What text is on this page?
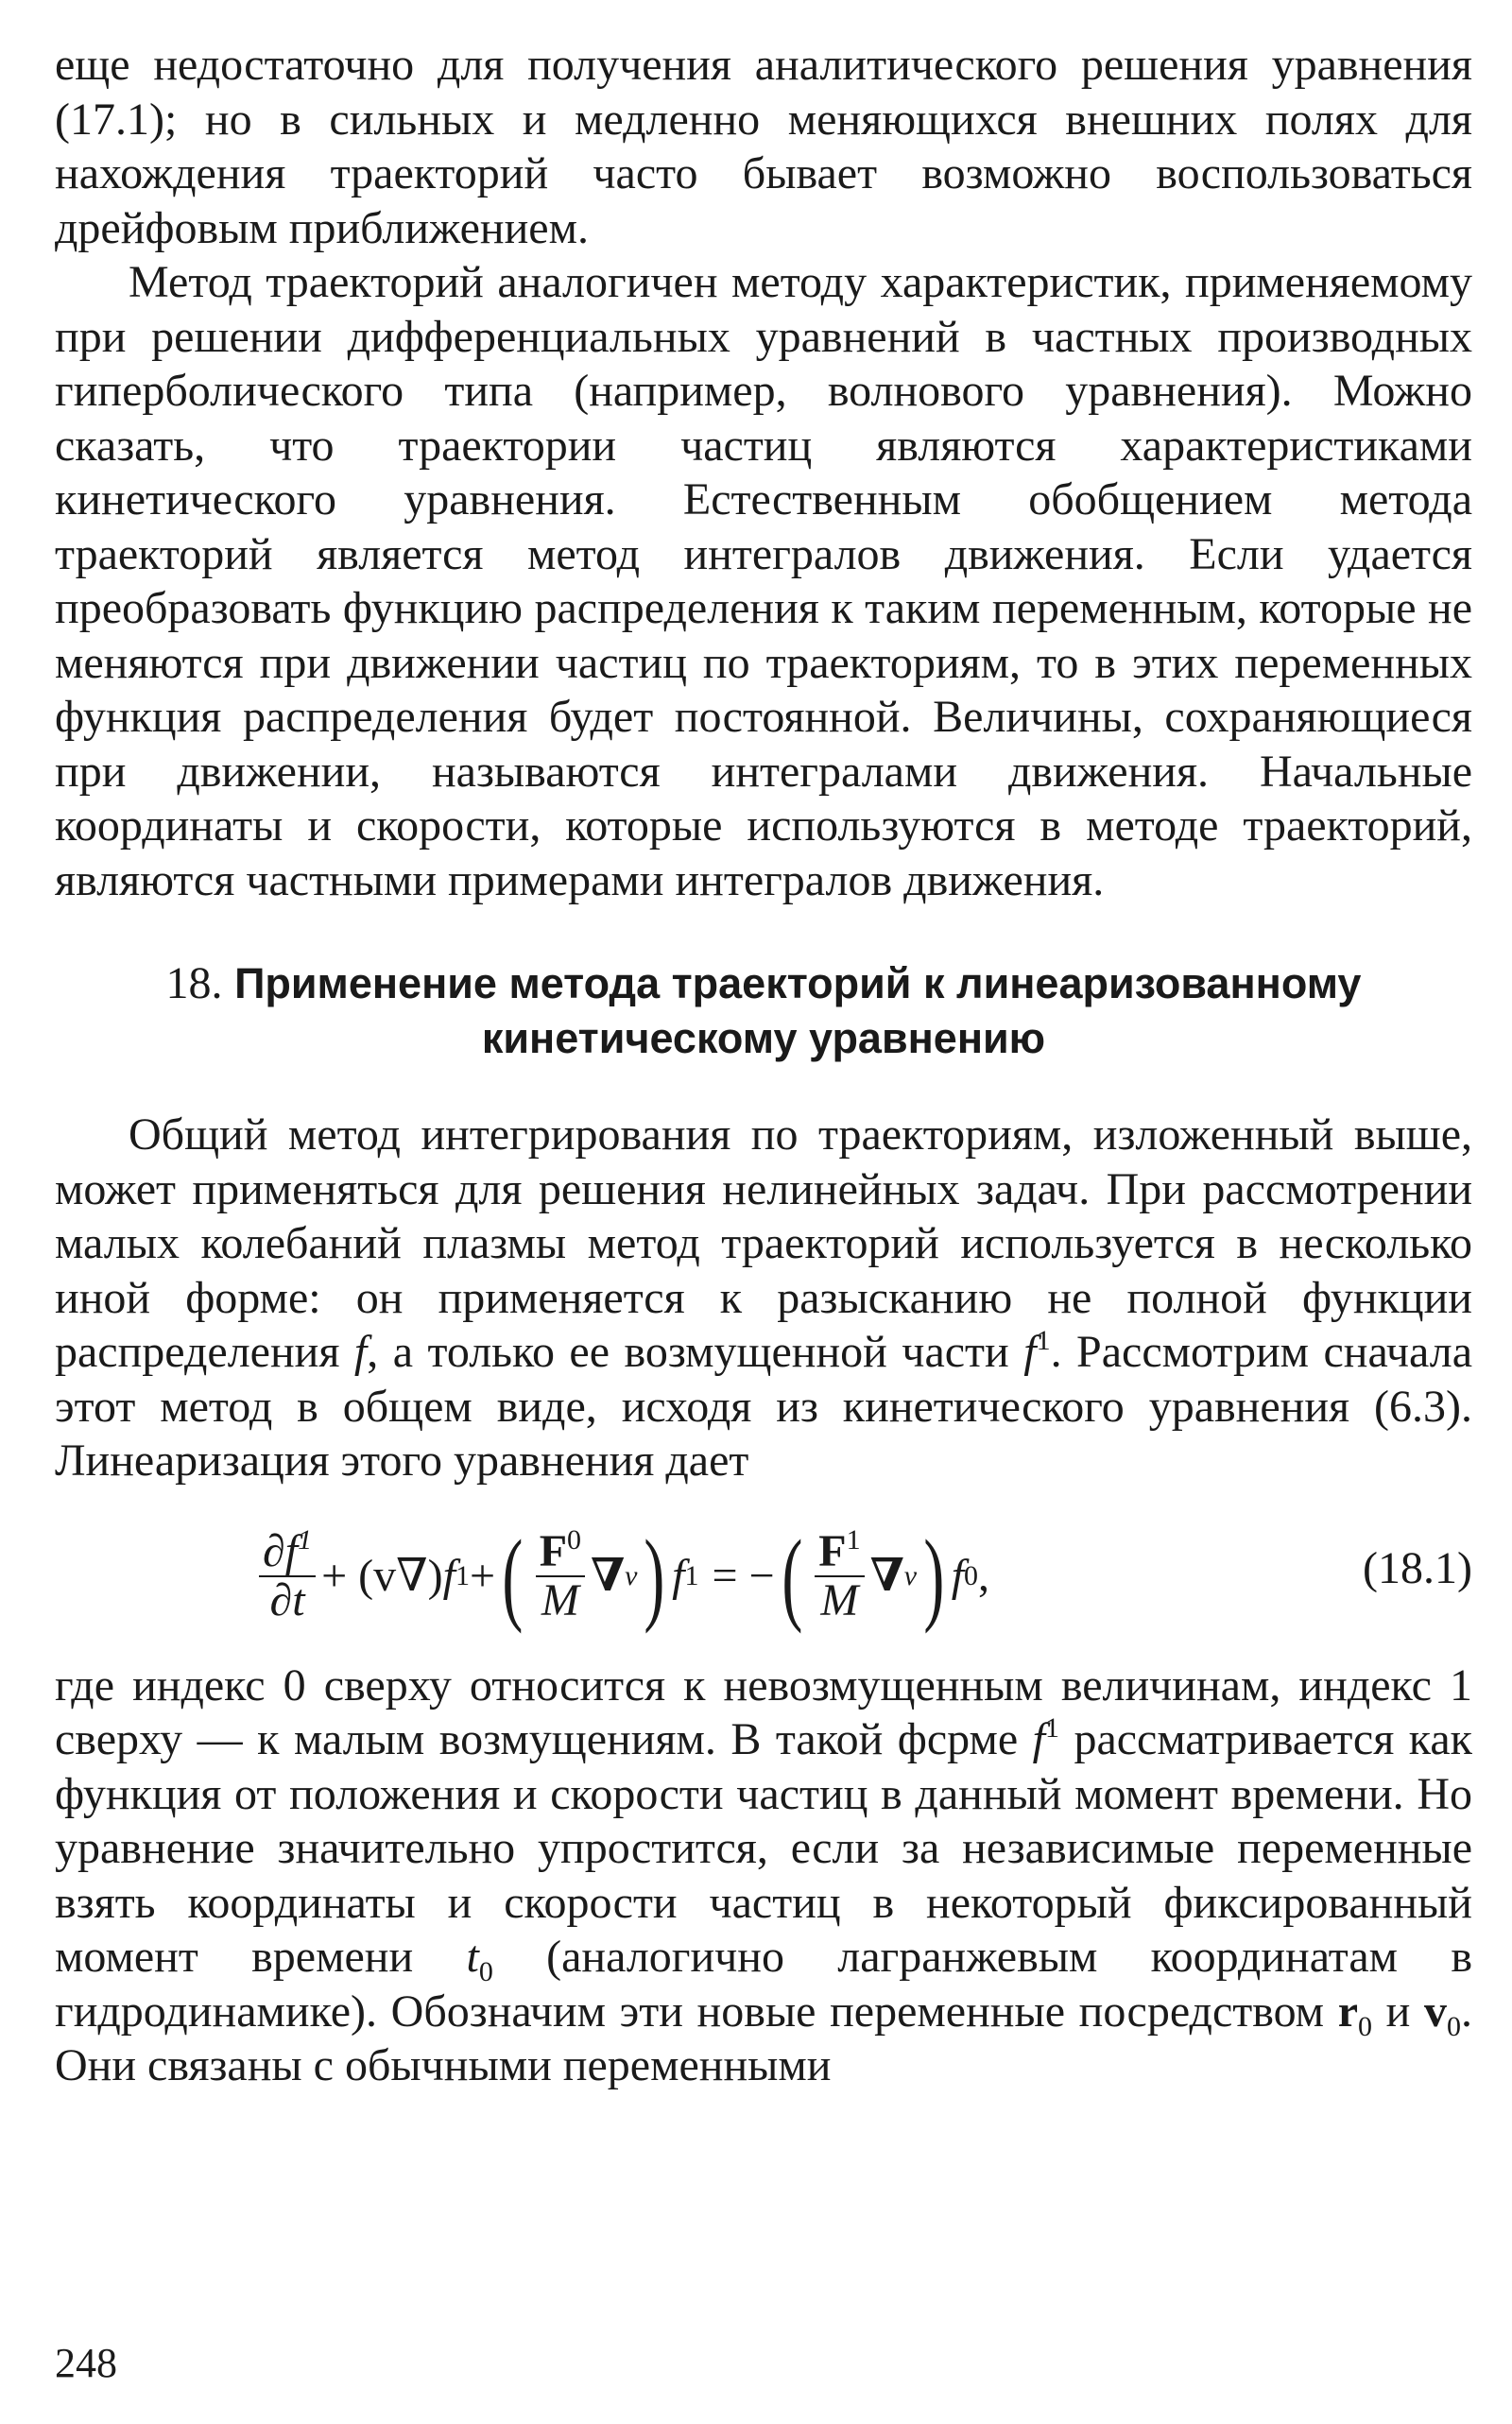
еще недостаточно для получения аналитического решения уравнения (17.1); но в сильных и медленно меняющихся внешних полях для нахождения траекторий часто бывает возможно воспользоваться дрейфовым приближением.

Метод траекторий аналогичен методу характеристик, применяемому при решении дифференциальных уравнений в частных производных гиперболического типа (например, волнового уравнения). Можно сказать, что траектории частиц являются характеристиками кинетического уравнения. Естественным обобщением метода траекторий является метод интегралов движения. Если удается преобразовать функцию распределения к таким переменным, которые не меняются при движении частиц по траекториям, то в этих переменных функция распределения будет постоянной. Величины, сохраняющиеся при движении, называются интегралами движения. Начальные координаты и скорости, которые используются в методе траекторий, являются частными примерами интегралов движения.

18. Применение метода траекторий к линеаризованному
кинетическому уравнению

Общий метод интегрирования по траекториям, изложенный выше, может применяться для решения нелинейных задач. При рассмотрении малых колебаний плазмы метод траекторий используется в несколько иной форме: он применяется к разысканию не полной функции распределения f, а только ее возмущенной части $f^1$. Рассмотрим сначала этот метод в общем виде, исходя из кинетического уравнения (6.3). Линеаризация этого уравнения дает

$\frac{\partial f^1}{\partial t} + (v\nabla)$ f 1 + ( $\frac{F^0}{M}$ ∇ v ) f 1 = − ( $\frac{F^1}{M}$ ∇ v ) f 0 ,	(18.1)

где индекс 0 сверху относится к невозмущенным величинам, индекс 1 сверху — к малым возмущениям. В такой фсрме $f^1$ рассматривается как функция от положения и скорости частиц в данный момент времени. Но уравнение значительно упростится, если за независимые переменные взять координаты и скорости частиц в некоторый фиксированный момент времени $t_0$ (аналогично лагранжевым координатам в гидродинамике). Обозначим эти новые переменные посредством $r_0$ и $v_0$. Они связаны с обычными переменными

248
